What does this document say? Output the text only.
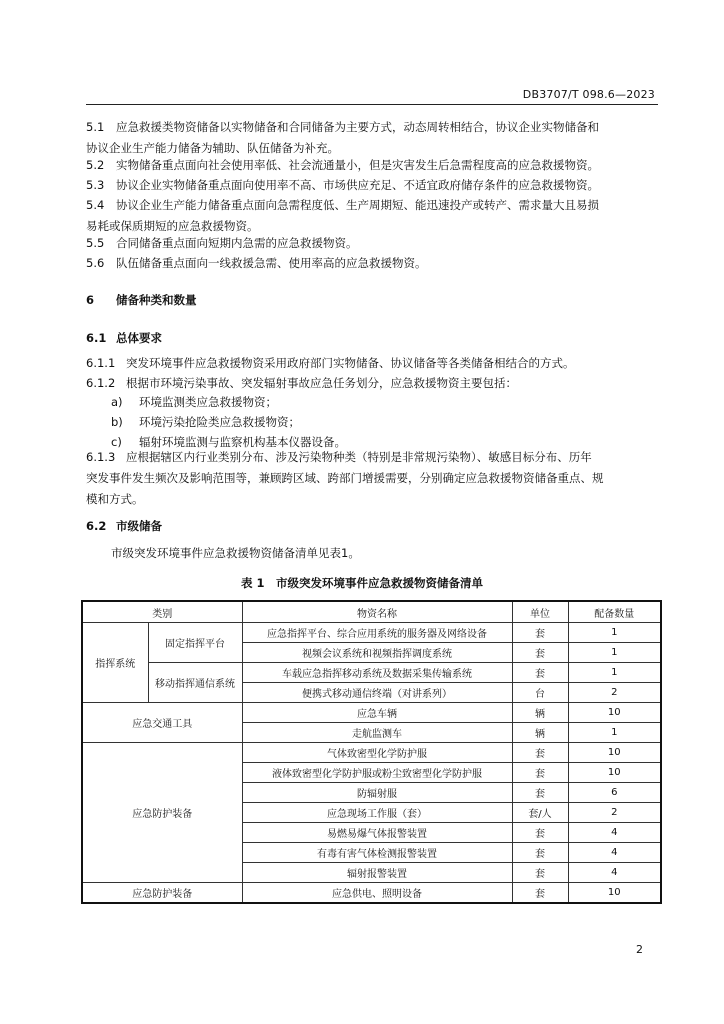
DB3707/T 098.6—2023

5.1 应急救援类物资储备以实物储备和合同储备为主要方式，动态周转相结合，协议企业实物储备和
协议企业生产能力储备为辅助、队伍储备为补充。

5.2 实物储备重点面向社会使用率低、社会流通量小，但是灾害发生后急需程度高的应急救援物资。

5.3 协议企业实物储备重点面向使用率不高、市场供应充足、不适宜政府储存条件的应急救援物资。

5.4 协议企业生产能力储备重点面向急需程度低、生产周期短、能迅速投产或转产、需求量大且易损
易耗或保质期短的应急救援物资。

5.5 合同储备重点面向短期内急需的应急救援物资。

5.6 队伍储备重点面向一线救援急需、使用率高的应急救援物资。

6 储备种类和数量

6.1 总体要求

6.1.1 突发环境事件应急救援物资采用政府部门实物储备、协议储备等各类储备相结合的方式。

6.1.2 根据市环境污染事故、突发辐射事故应急任务划分，应急救援物资主要包括：

a) 环境监测类应急救援物资；

b) 环境污染抢险类应急救援物资；

c) 辐射环境监测与监察机构基本仪器设备。

6.1.3 应根据辖区内行业类别分布、涉及污染物种类（特别是非常规污染物）、敏感目标分布、历年
突发事件发生频次及影响范围等，兼顾跨区域、跨部门增援需要，分别确定应急救援物资储备重点、规
模和方式。

6.2 市级储备

市级突发环境事件应急救援物资储备清单见表1。

表 1　市级突发环境事件应急救援物资储备清单
类别		物资名称	单位	配备数量
指挥系统	固定指挥平台	应急指挥平台、综合应用系统的服务器及网络设备	套	1
		视频会议系统和视频指挥调度系统	套	1
	移动指挥通信系统	车载应急指挥移动系统及数据采集传输系统	套	1
		便携式移动通信终端（对讲系列）	台	2
应急交通工具		应急车辆	辆	10
		走航监测车	辆	1
应急防护装备		气体致密型化学防护服	套	10
		液体致密型化学防护服或粉尘致密型化学防护服	套	10
		防辐射服	套	6
		应急现场工作服（套）	套/人	2
		易燃易爆气体报警装置	套	4
		有毒有害气体检测报警装置	套	4
		辐射报警装置	套	4
应急防护装备		应急供电、照明设备	套	10
2
